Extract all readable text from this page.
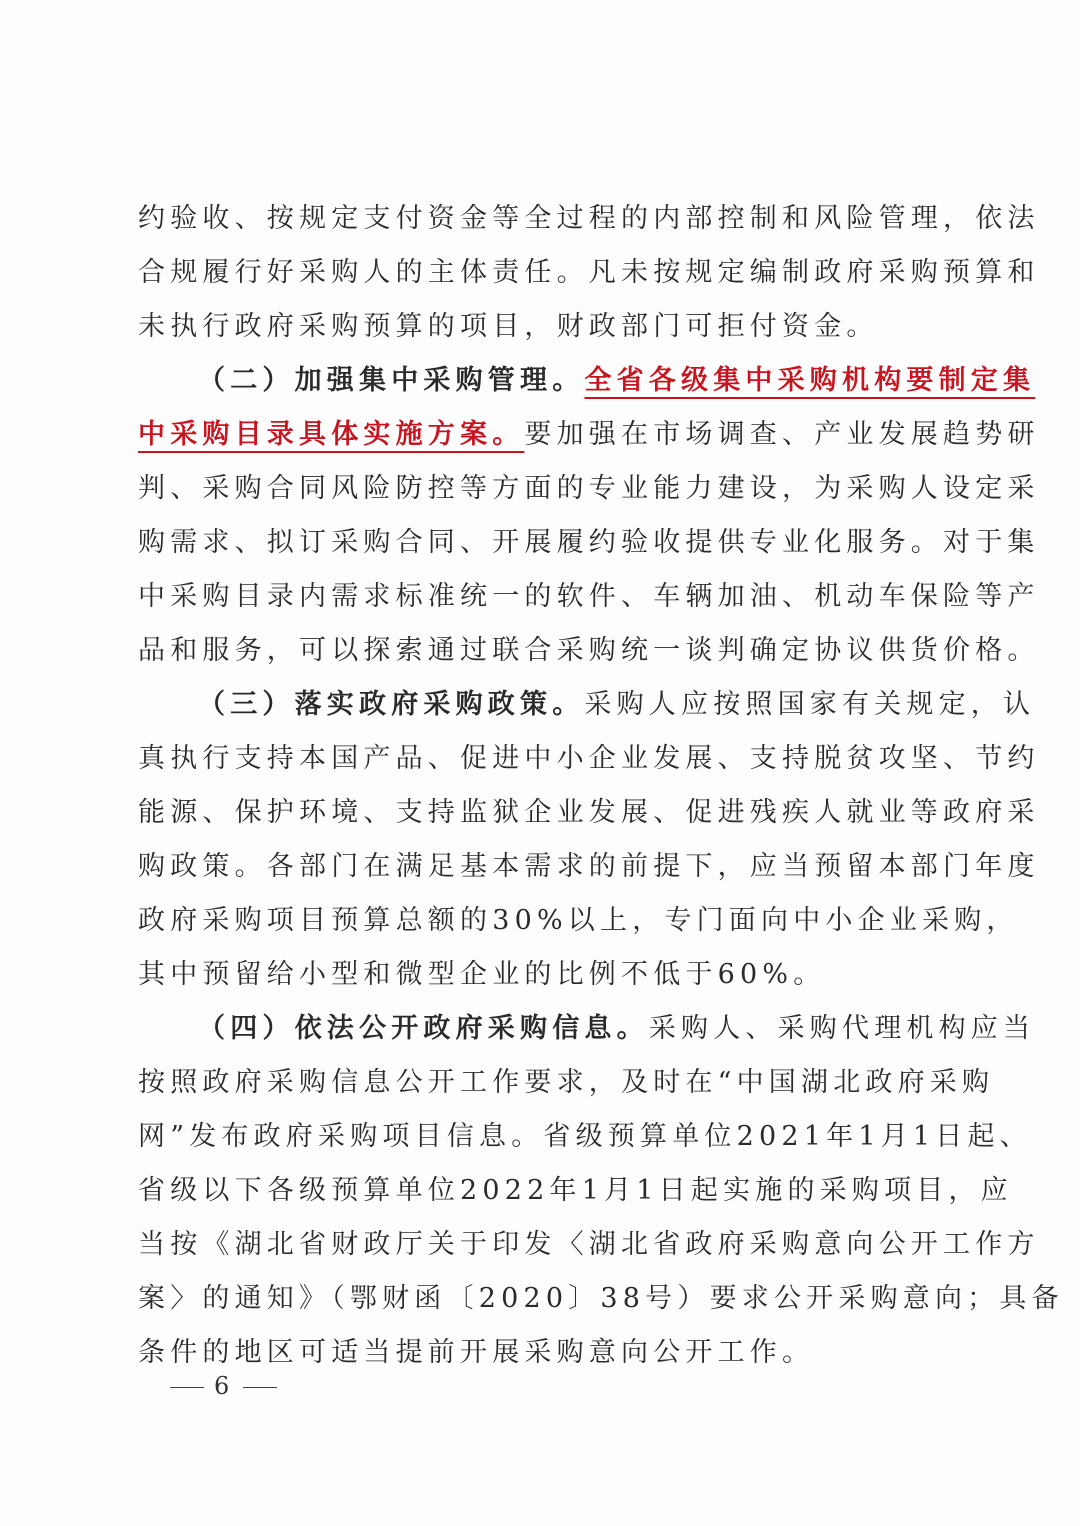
约验收、按规定支付资金等全过程的内部控制和风险管理，依法
合规履行好采购人的主体责任。凡未按规定编制政府采购预算和
未执行政府采购预算的项目，财政部门可拒付资金。
（二）加强集中采购管理。全省各级集中采购机构要制定集
中采购目录具体实施方案。要加强在市场调查、产业发展趋势研
判、采购合同风险防控等方面的专业能力建设，为采购人设定采
购需求、拟订采购合同、开展履约验收提供专业化服务。对于集
中采购目录内需求标准统一的软件、车辆加油、机动车保险等产
品和服务，可以探索通过联合采购统一谈判确定协议供货价格。
（三）落实政府采购政策。采购人应按照国家有关规定，认
真执行支持本国产品、促进中小企业发展、支持脱贫攻坚、节约
能源、保护环境、支持监狱企业发展、促进残疾人就业等政府采
购政策。各部门在满足基本需求的前提下，应当预留本部门年度
政府采购项目预算总额的30%以上，专门面向中小企业采购，
其中预留给小型和微型企业的比例不低于60%。
（四）依法公开政府采购信息。采购人、采购代理机构应当
按照政府采购信息公开工作要求，及时在“中国湖北政府采购
网”发布政府采购项目信息。省级预算单位2021年1月1日起、
省级以下各级预算单位2022年1月1日起实施的采购项目，应
当按《湖北省财政厅关于印发〈湖北省政府采购意向公开工作方
案〉的通知》（鄂财函〔2020〕38号）要求公开采购意向；具备
条件的地区可适当提前开展采购意向公开工作。
6
